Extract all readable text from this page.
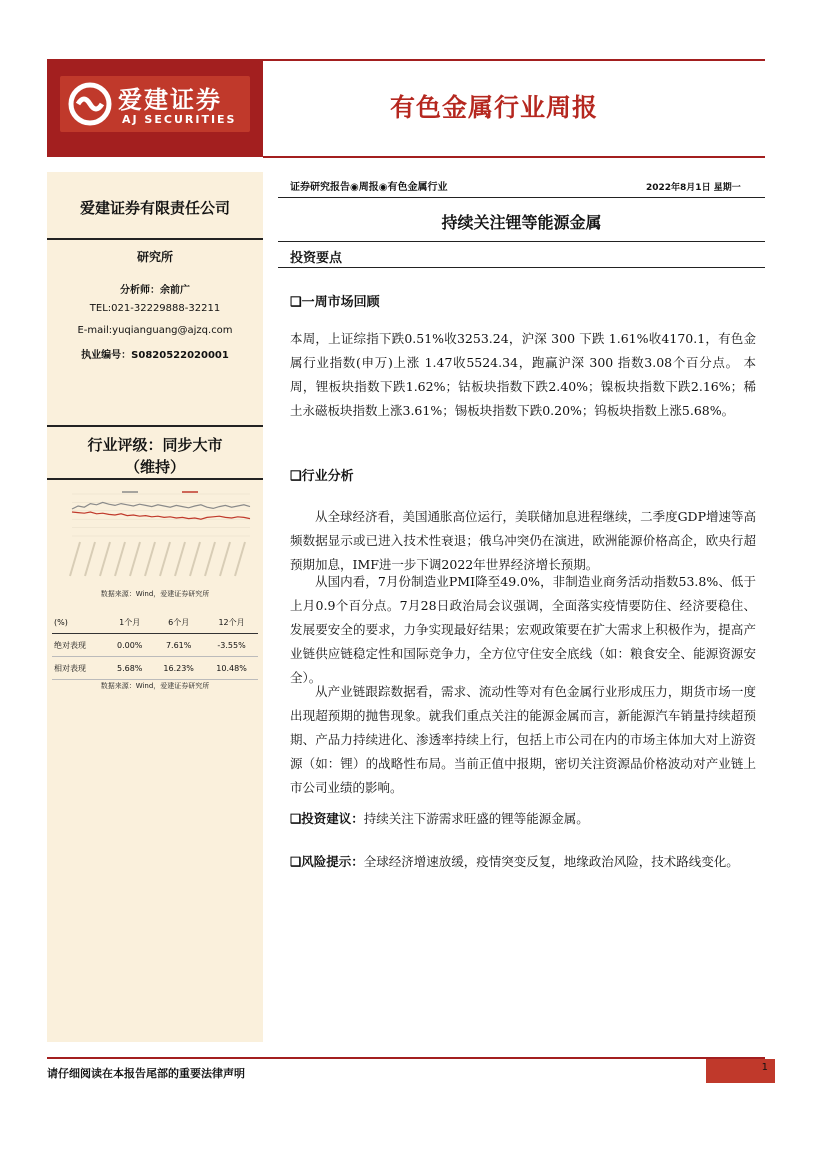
爱建证券
AJ SECURITIES	有色金属行业周报
爱建证券有限责任公司
研究所
分析师：余前广
TEL:021-32229888-32211
E-mail:yuqianguang@ajzq.com
执业编号：S0820522020001
行业评级：同步大市
（维持）
数据来源：Wind，爱建证券研究所
(%)	1个月	6个月	12个月
绝对表现	0.00%	7.61%	-3.55%
相对表现	5.68%	16.23%	10.48%
数据来源：Wind，爱建证券研究所
证券研究报告◉周报◉有色金属行业	2022年8月1日 星期一
持续关注锂等能源金属
投资要点
❑一周市场回顾
本周，上证综指下跌0.51%收3253.24，沪深 300 下跌 1.61%收4170.1，有色金属行业指数(申万)上涨 1.47收5524.34，跑赢沪深 300 指数3.08个百分点。 本周，锂板块指数下跌1.62%；钴板块指数下跌2.40%；镍板块指数下跌2.16%；稀土永磁板块指数上涨3.61%；锡板块指数下跌0.20%；钨板块指数上涨5.68%。
❑行业分析
从全球经济看，美国通胀高位运行，美联储加息进程继续，二季度GDP增速等高频数据显示或已进入技术性衰退；俄乌冲突仍在演进，欧洲能源价格高企，欧央行超预期加息，IMF进一步下调2022年世界经济增长预期。
从国内看，7月份制造业PMI降至49.0%，非制造业商务活动指数53.8%、低于上月0.9个百分点。7月28日政治局会议强调，全面落实疫情要防住、经济要稳住、发展要安全的要求，力争实现最好结果；宏观政策要在扩大需求上积极作为，提高产业链供应链稳定性和国际竞争力，全方位守住安全底线（如：粮食安全、能源资源安全）。
从产业链跟踪数据看，需求、流动性等对有色金属行业形成压力，期货市场一度出现超预期的抛售现象。就我们重点关注的能源金属而言，新能源汽车销量持续超预期、产品力持续进化、渗透率持续上行，包括上市公司在内的市场主体加大对上游资源（如：锂）的战略性布局。当前正值中报期，密切关注资源品价格波动对产业链上市公司业绩的影响。
❑投资建议：持续关注下游需求旺盛的锂等能源金属。
❑风险提示：全球经济增速放缓，疫情突变反复，地缘政治风险，技术路线变化。
请仔细阅读在本报告尾部的重要法律声明	1
